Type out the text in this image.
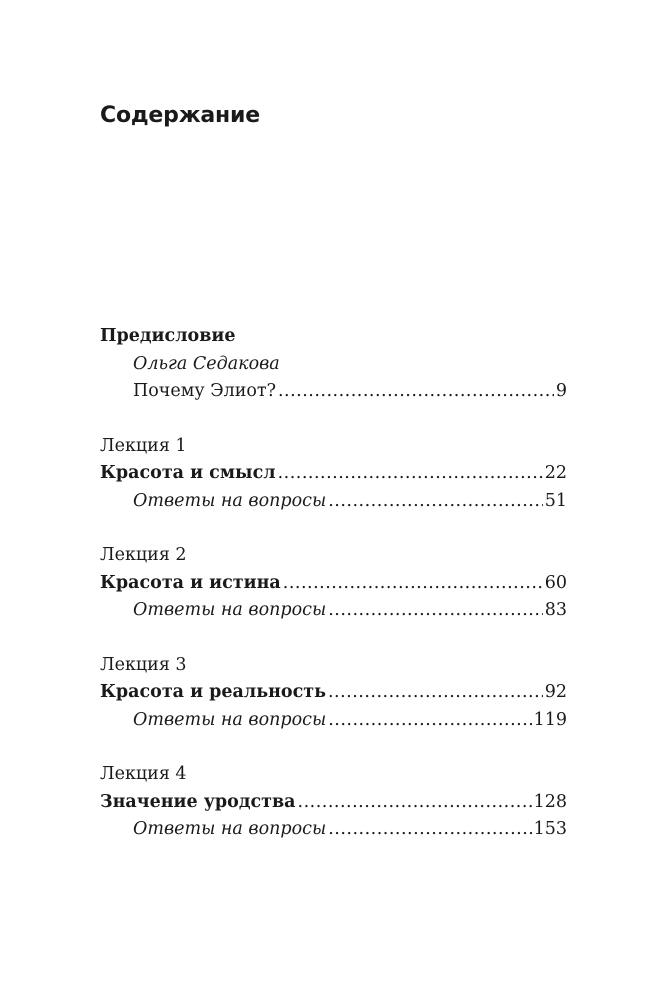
Содержание
Предисловие
Ольга Седакова
Почему Элиот? .....	9
Лекция 1
Красота и смысл .....	22
Ответы на вопросы .....	51
Лекция 2
Красота и истина .....	60
Ответы на вопросы .....	83
Лекция 3
Красота и реальность .....	92
Ответы на вопросы .....	119
Лекция 4
Значение уродства .....	128
Ответы на вопросы .....	153
